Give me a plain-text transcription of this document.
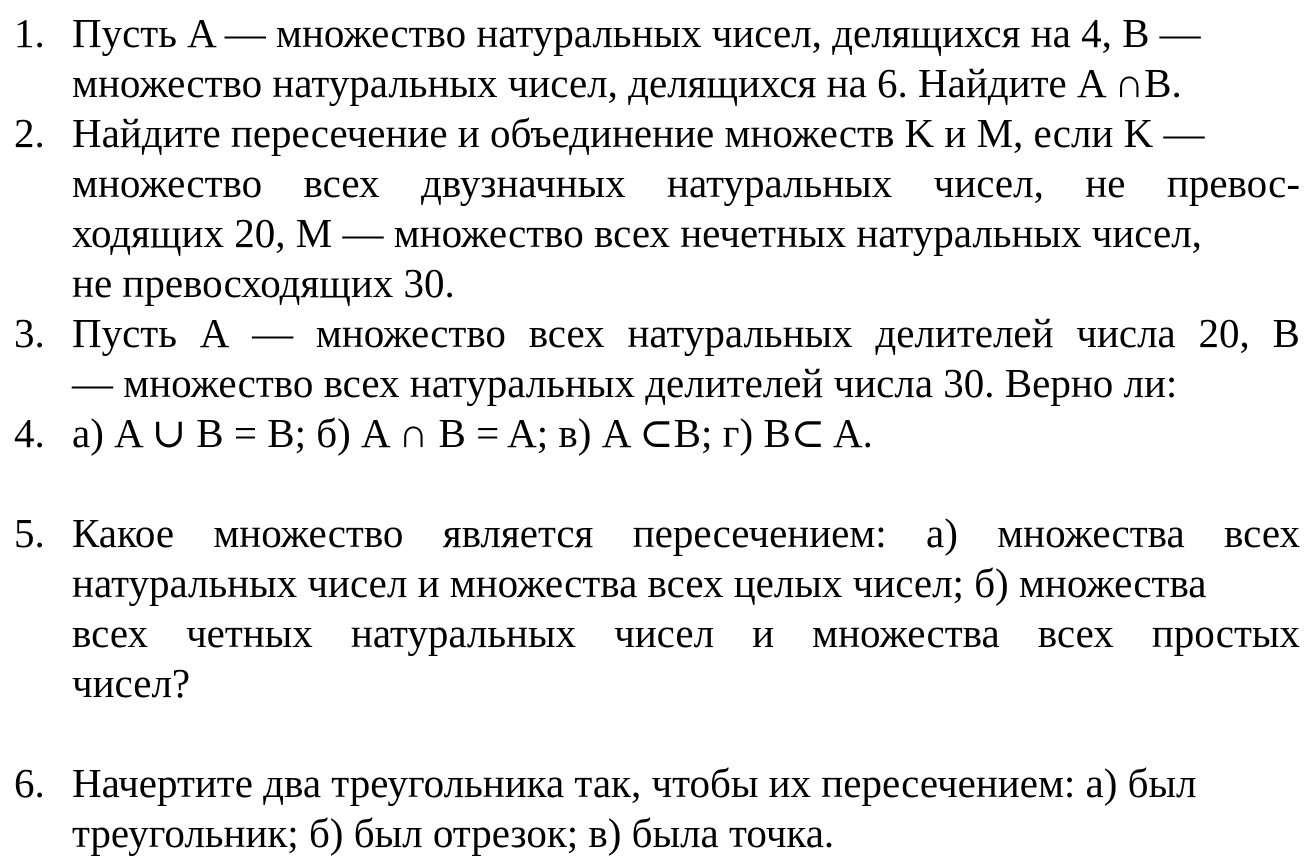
1. Пусть A — множество натуральных чисел, делящихся на 4, B —
множество натуральных чисел, делящихся на 6. Найдите A ∩B.
2. Найдите пересечение и объединение множеств K и M, если K —
множество всех двузначных натуральных чисел, не превос-
ходящих 20, M — множество всех нечетных натуральных чисел,
не превосходящих 30.
3. Пусть A — множество всех натуральных делителей числа 20, B
— множество всех натуральных делителей числа 30. Верно ли:
4. а) A ∪ B = B; б) A ∩ B = A; в) A ⊂B; г) B⊂ A.
5. Какое множество является пересечением: а) множества всех
натуральных чисел и множества всех целых чисел; б) множества
всех четных натуральных чисел и множества всех простых
чисел?
6. Начертите два треугольника так, чтобы их пересечением: а) был
треугольник; б) был отрезок; в) была точка.
